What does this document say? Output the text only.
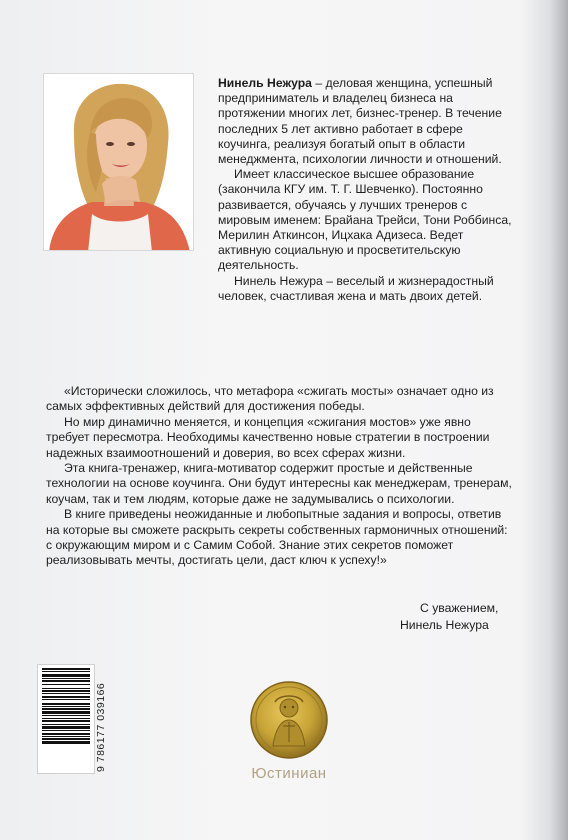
Нинель Нежура – деловая женщина, успешный предприниматель и владелец бизнеса на протяжении многих лет, бизнес-тренер. В течение последних 5 лет активно работает в сфере коучинга, реализуя богатый опыт в области менеджмента, психологии личности и отношений.

Имеет классическое высшее образование (закончила КГУ им. Т. Г. Шевченко). Постоянно развивается, обучаясь у лучших тренеров с мировым именем: Брайана Трейси, Тони Роббинса, Мерилин Аткинсон, Ицхака Адизеса. Ведет активную социальную и просветительскую деятельность.

Нинель Нежура – веселый и жизнерадостный человек, счастливая жена и мать двоих детей.

«Исторически сложилось, что метафора «сжигать мосты» означает одно из самых эффективных действий для достижения победы.

Но мир динамично меняется, и концепция «сжигания мостов» уже явно требует пересмотра. Необходимы качественно новые стратегии в построении надежных взаимоотношений и доверия, во всех сферах жизни.

Эта книга-тренажер, книга-мотиватор содержит простые и действенные технологии на основе коучинга. Они будут интересны как менеджерам, тренерам, коучам, так и тем людям, которые даже не задумывались о психологии.

В книге приведены неожиданные и любопытные задания и вопросы, ответив на которые вы сможете раскрыть секреты собственных гармоничных отношений: с окружающим миром и с Самим Собой. Знание этих секретов поможет реализовывать мечты, достигать цели, даст ключ к успеху!»

С уважением,
Нинель Нежура
9 786177 039166
Юстиниан
